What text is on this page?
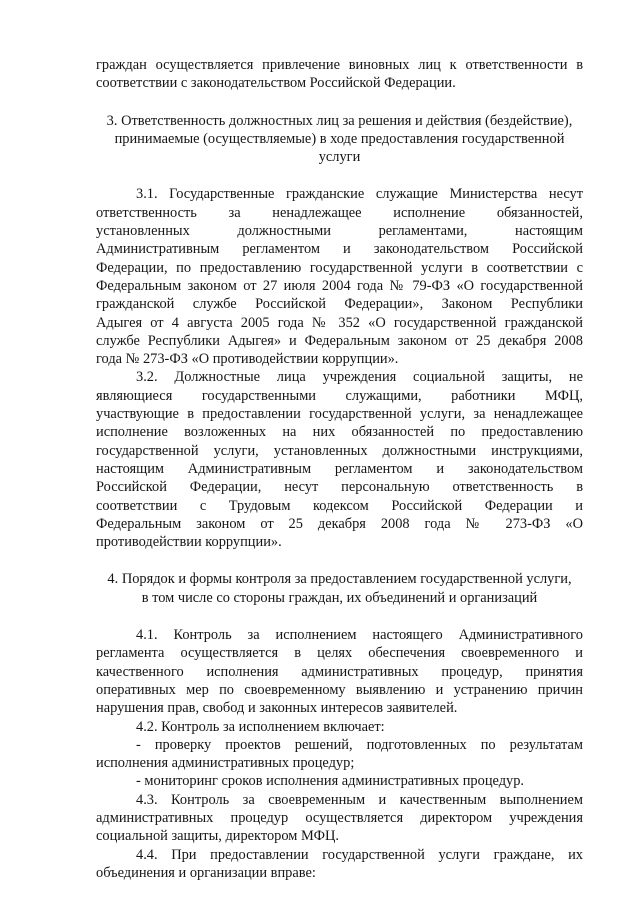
граждан осуществляется привлечение виновных лиц к ответственности в

соответствии с законодательством Российской Федерации.

3. Ответственность должностных лиц за решения и действия (бездействие),

принимаемые (осуществляемые) в ходе предоставления государственной

услуги

3.1. Государственные гражданские служащие Министерства несут

ответственность за ненадлежащее исполнение обязанностей,

установленных должностными регламентами, настоящим

Административным регламентом и законодательством Российской

Федерации, по предоставлению государственной услуги в соответствии с

Федеральным законом от 27 июля 2004 года № 79-ФЗ «О государственной

гражданской службе Российской Федерации», Законом Республики

Адыгея от 4 августа 2005 года № 352 «О государственной гражданской

службе Республики Адыгея» и Федеральным законом от 25 декабря 2008

года № 273-ФЗ «О противодействии коррупции».

3.2. Должностные лица учреждения социальной защиты, не

являющиеся государственными служащими, работники МФЦ,

участвующие в предоставлении государственной услуги, за ненадлежащее

исполнение возложенных на них обязанностей по предоставлению

государственной услуги, установленных должностными инструкциями,

настоящим Административным регламентом и законодательством

Российской Федерации, несут персональную ответственность в

соответствии с Трудовым кодексом Российской Федерации и

Федеральным законом от 25 декабря 2008 года № 273-ФЗ «О

противодействии коррупции».

4. Порядок и формы контроля за предоставлением государственной услуги,

в том числе со стороны граждан, их объединений и организаций

4.1. Контроль за исполнением настоящего Административного

регламента осуществляется в целях обеспечения своевременного и

качественного исполнения административных процедур, принятия

оперативных мер по своевременному выявлению и устранению причин

нарушения прав, свобод и законных интересов заявителей.

4.2. Контроль за исполнением включает:

- проверку проектов решений, подготовленных по результатам

исполнения административных процедур;

- мониторинг сроков исполнения административных процедур.

4.3. Контроль за своевременным и качественным выполнением

административных процедур осуществляется директором учреждения

социальной защиты, директором МФЦ.

4.4. При предоставлении государственной услуги граждане, их

объединения и организации вправе:
